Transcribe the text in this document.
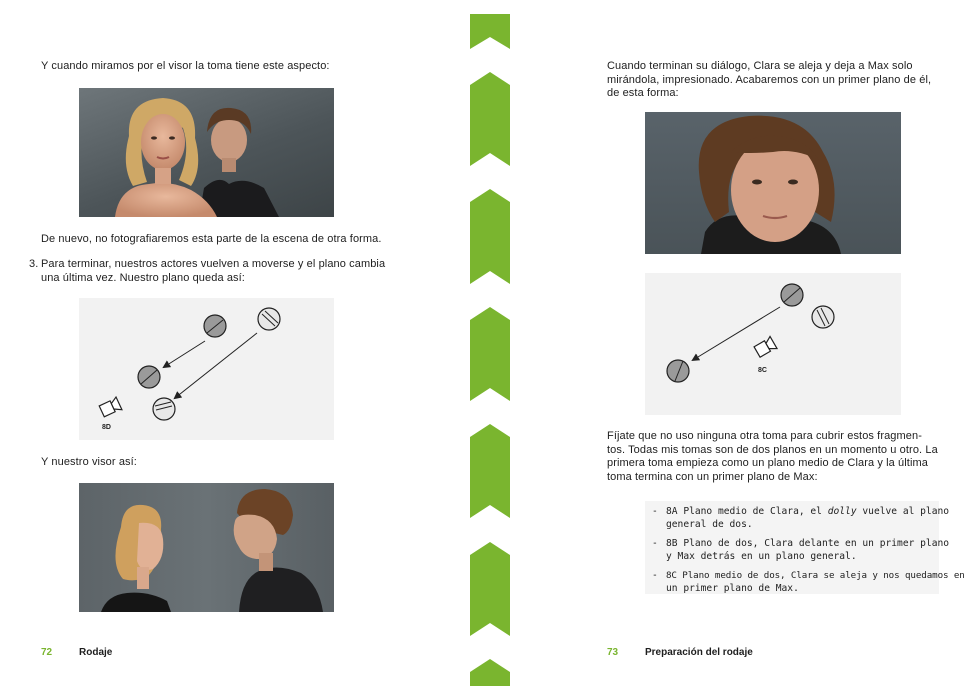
Y cuando miramos por el visor la toma tiene este aspecto:
De nuevo, no fotografiaremos esta parte de la escena de otra forma.
3. Para terminar, nuestros actores vuelven a moverse y el plano cambia
una última vez. Nuestro plano queda así:
8D
Y nuestro visor así:
72	Rodaje
Cuando terminan su diálogo, Clara se aleja y deja a Max solo
mirándola, impresionado. Acabaremos con un primer plano de él,
de esta forma:
8C
Fíjate que no uso ninguna otra toma para cubrir estos fragmen-
tos. Todas mis tomas son de dos planos en un momento u otro. La
primera toma empieza como un plano medio de Clara y la última
toma termina con un primer plano de Max:
- 8A Plano medio de Clara, el dolly vuelve al plano
general de dos.
- 8B Plano de dos, Clara delante en un primer plano
y Max detrás en un plano general.
- 8C Plano medio de dos, Clara se aleja y nos quedamos en
un primer plano de Max.
73	Preparación del rodaje
